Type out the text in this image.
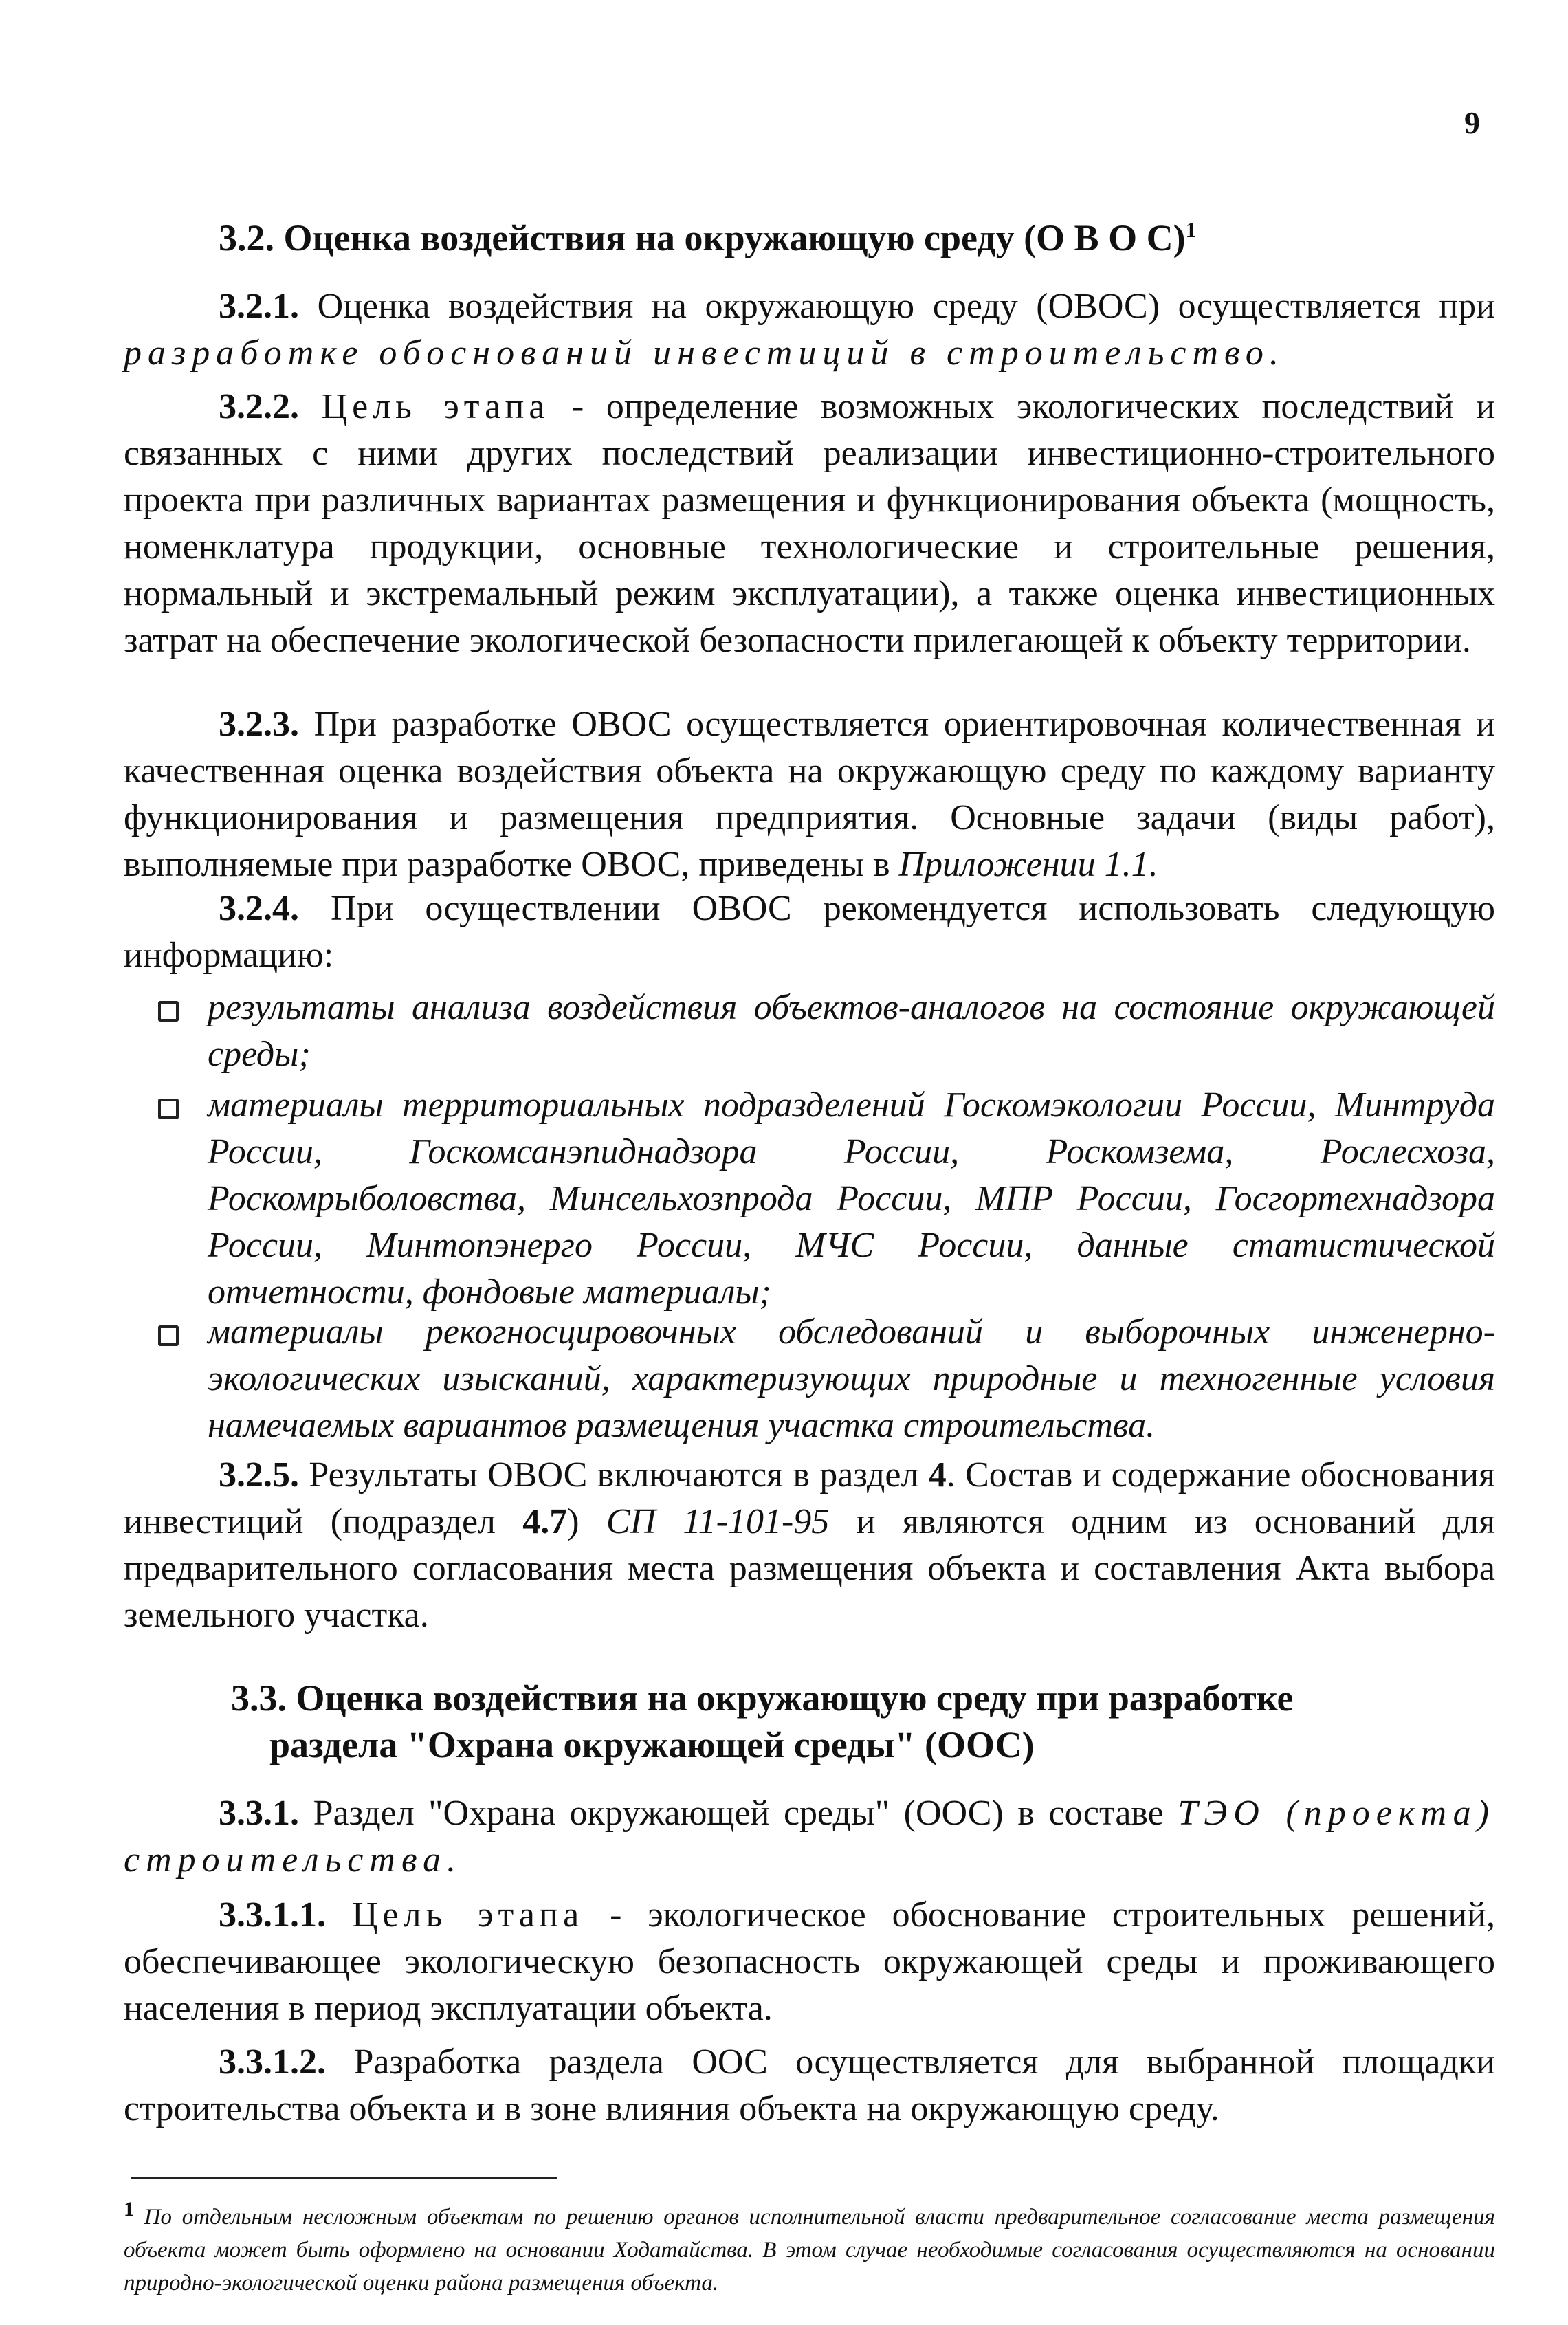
9
3.2. Оценка воздействия на окружающую среду (О В О С)$^1$
3.2.1. Оценка воздействия на окружающую среду (ОВОС) осуществляется при разработке обоснований инвестиций в строительство.
3.2.2. Цель этапа - определение возможных экологических последствий и связанных с ними других последствий реализации инвестиционно-строительного проекта при различных вариантах размещения и функционирования объекта (мощность, номенклатура продукции, основные технологические и строительные решения, нормальный и экстремальный режим эксплуатации), а также оценка инвестиционных затрат на обеспечение экологической безопасности прилегающей к объекту территории.
3.2.3. При разработке ОВОС осуществляется ориентировочная количественная и качественная оценка воздействия объекта на окружающую среду по каждому варианту функционирования и размещения предприятия. Основные задачи (виды работ), выполняемые при разработке ОВОС, приведены в Приложении 1.1.
3.2.4. При осуществлении ОВОС рекомендуется использовать следующую информацию:
результаты анализа воздействия объектов-аналогов на состояние окружающей среды;
материалы территориальных подразделений Госкомэкологии России, Минтруда России, Госкомсанэпиднадзора России, Роскомзема, Рослесхоза, Роскомрыболовства, Минсельхозпрода России, МПР России, Госгортехнадзора России, Минтопэнерго России, МЧС России, данные статистической отчетности, фондовые материалы;
материалы рекогносцировочных обследований и выборочных инженерно-экологических изысканий, характеризующих природные и техногенные условия намечаемых вариантов размещения участка строительства.
3.2.5. Результаты ОВОС включаются в раздел 4. Состав и содержание обоснования инвестиций (подраздел 4.7) СП 11-101-95 и являются одним из оснований для предварительного согласования места размещения объекта и составления Акта выбора земельного участка.
3.3. Оценка воздействия на окружающую среду при разработке
раздела "Охрана окружающей среды" (ООС)
3.3.1. Раздел "Охрана окружающей среды" (ООС) в составе ТЭО (проекта) строительства.
3.3.1.1. Цель этапа - экологическое обоснование строительных решений, обеспечивающее экологическую безопасность окружающей среды и проживающего населения в период эксплуатации объекта.
3.3.1.2. Разработка раздела ООС осуществляется для выбранной площадки строительства объекта и в зоне влияния объекта на окружающую среду.
$^1$ По отдельным несложным объектам по решению органов исполнительной власти предварительное согласование места размещения объекта может быть оформлено на основании Ходатайства. В этом случае необходимые согласования осуществляются на основании природно-экологической оценки района размещения объекта.
